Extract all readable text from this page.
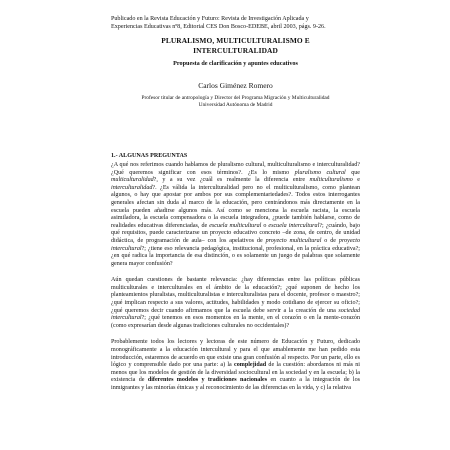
Publicado en la Revista Educación y Futuro: Revista de Investigación Aplicada y
Experiencias Educativas nº8, Editorial CES Don Bosco-EDEBE, abril 2003, págs. 9-26.

PLURALISMO, MULTICULTURALISMO E
INTERCULTURALIDAD

Propuesta de clarificación y apuntes educativos

Carlos Giménez Romero

Profesor titular de antropología y Director del Programa Migración y Multiculturalidad
Universidad Autónoma de Madrid

1.- ALGUNAS PREGUNTAS

¿A qué nos referimos cuando hablamos de pluralismo cultural, multiculturalismo e interculturalidad? ¿Qué queremos significar con esos términos?. ¿Es lo mismo pluralismo cultural que multiculturalidad?, y a su vez ¿cuál es realmente la diferencia entre multiculturalismo e interculturalidad?. ¿Es válida la interculturalidad pero no el multiculturalismo, como plantean algunos, o hay que apostar por ambos por sus complementariedades?. Todos estos interrogantes generales afectan sin duda al marco de la educación, pero centrándonos más directamente en la escuela pueden añadirse algunos más. Así como se menciona la escuela racista, la escuela asimiladora, la escuela compensadora o la escuela integradora, ¿puede también hablarse, como de realidades educativas diferenciadas, de escuela multicultural o escuela intercultural?; ¿cuándo, bajo qué requisitos, puede caracterizarse un proyecto educativo concreto –de zona, de centro, de unidad didáctica, de programación de aula– con los apelativos de proyecto multicultural o de proyecto intercultural?; ¿tiene eso relevancia pedagógica, institucional, profesional, en la práctica educativa?; ¿en qué radica la importancia de esa distinción, o es solamente un juego de palabras que solamente genera mayor confusión?

Aún quedan cuestiones de bastante relevancia: ¿hay diferencias entre las políticas públicas multiculturales e interculturales en el ámbito de la educación?; ¿qué suponen de hecho los planteamientos pluralistas, multiculturalistas e interculturalistas para el docente, profesor o maestro?; ¿qué implican respecto a sus valores, actitudes, habilidades y modo cotidiano de ejercer su oficio?; ¿qué queremos decir cuando afirmamos que la escuela debe servir a la creación de una sociedad intercultural?; ¿qué tenemos en esos momentos en la mente, en el corazón o en la mente-corazón (como expresarían desde algunas tradiciones culturales no occidentales)?

Probablemente todos los lectores y lectoras de este número de Educación y Futuro, dedicado monográficamente a la educación intercultural y para el que amablemente me han pedido esta introducción, estaremos de acuerdo en que existe una gran confusión al respecto. Por un parte, ello es lógico y comprensible dado por una parte: a) la complejidad de la cuestión: abordamos ni más ni menos que los modelos de gestión de la diversidad sociocultural en la sociedad y en la escuela; b) la existencia de diferentes modelos y tradiciones nacionales en cuanto a la integración de los inmigrantes y las minorías étnicas y al reconocimiento de las diferencias en la vida, y c) la relativa
